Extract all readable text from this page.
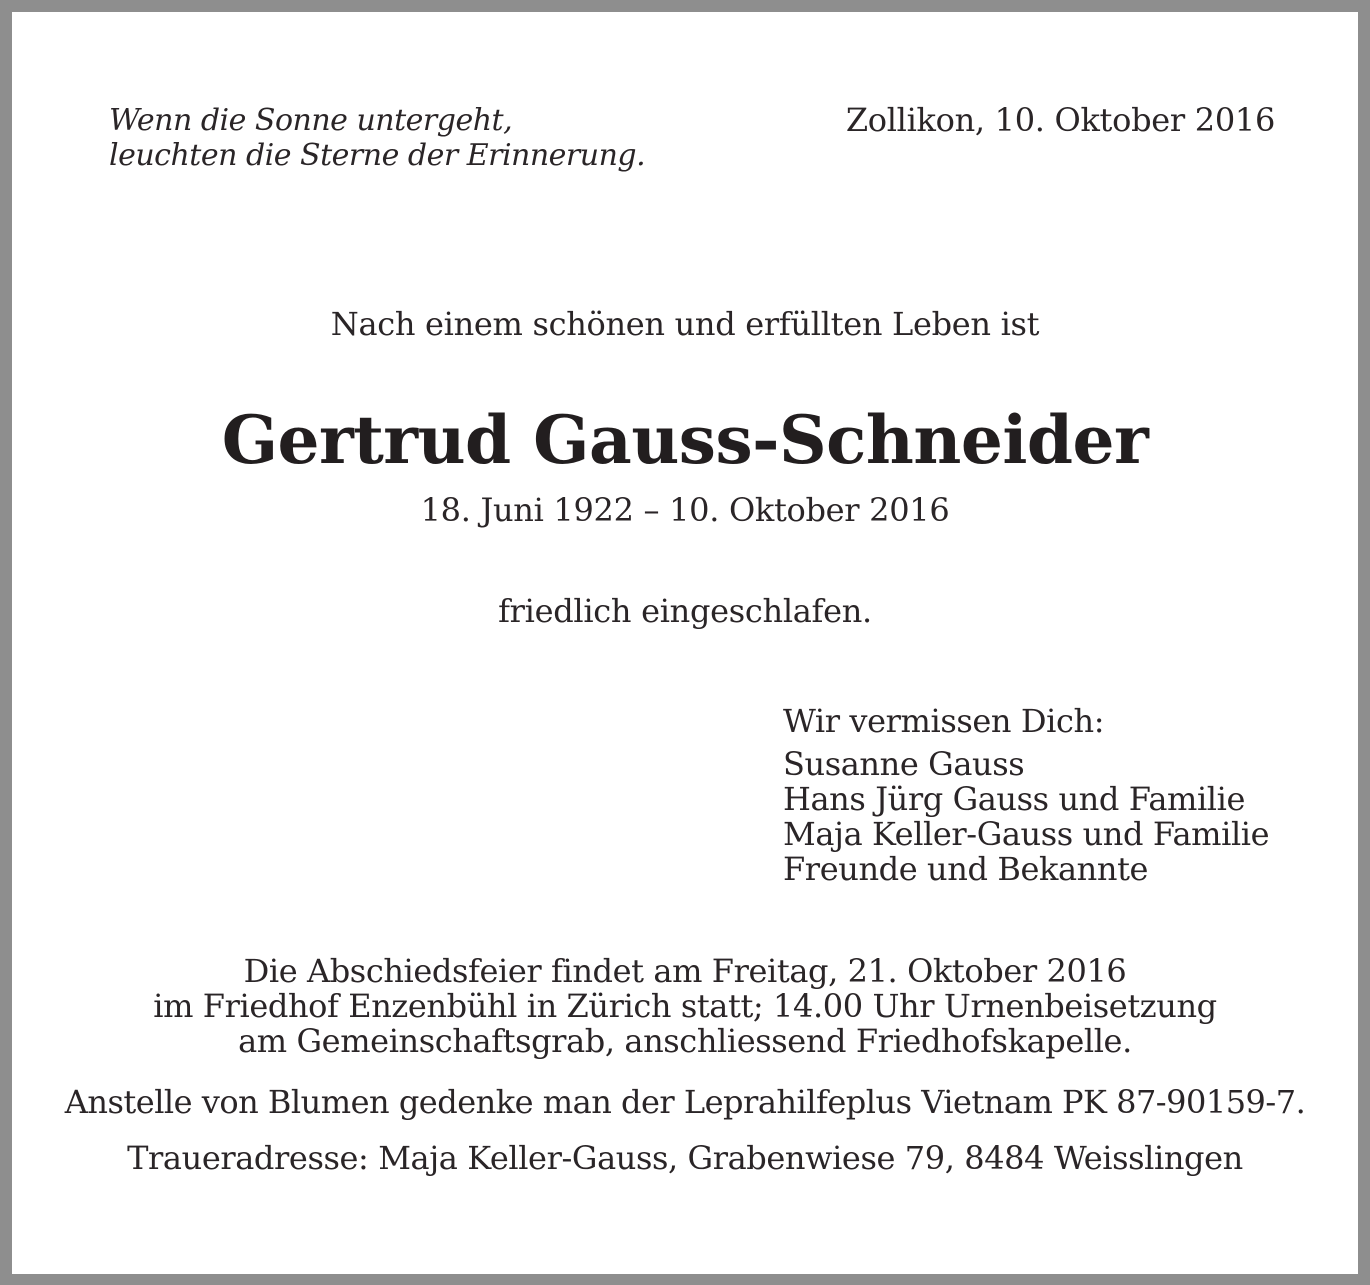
Wenn die Sonne untergeht,
leuchten die Sterne der Erinnerung.
Zollikon, 10. Oktober 2016
Nach einem schönen und erfüllten Leben ist
Gertrud Gauss-Schneider
18. Juni 1922 – 10. Oktober 2016
friedlich eingeschlafen.
Wir vermissen Dich:
Susanne Gauss
Hans Jürg Gauss und Familie
Maja Keller-Gauss und Familie
Freunde und Bekannte
Die Abschiedsfeier findet am Freitag, 21. Oktober 2016
im Friedhof Enzenbühl in Zürich statt; 14.00 Uhr Urnenbeisetzung
am Gemeinschaftsgrab, anschliessend Friedhofskapelle.
Anstelle von Blumen gedenke man der Leprahilfeplus Vietnam PK 87-90159-7.
Traueradresse: Maja Keller-Gauss, Grabenwiese 79, 8484 Weisslingen
